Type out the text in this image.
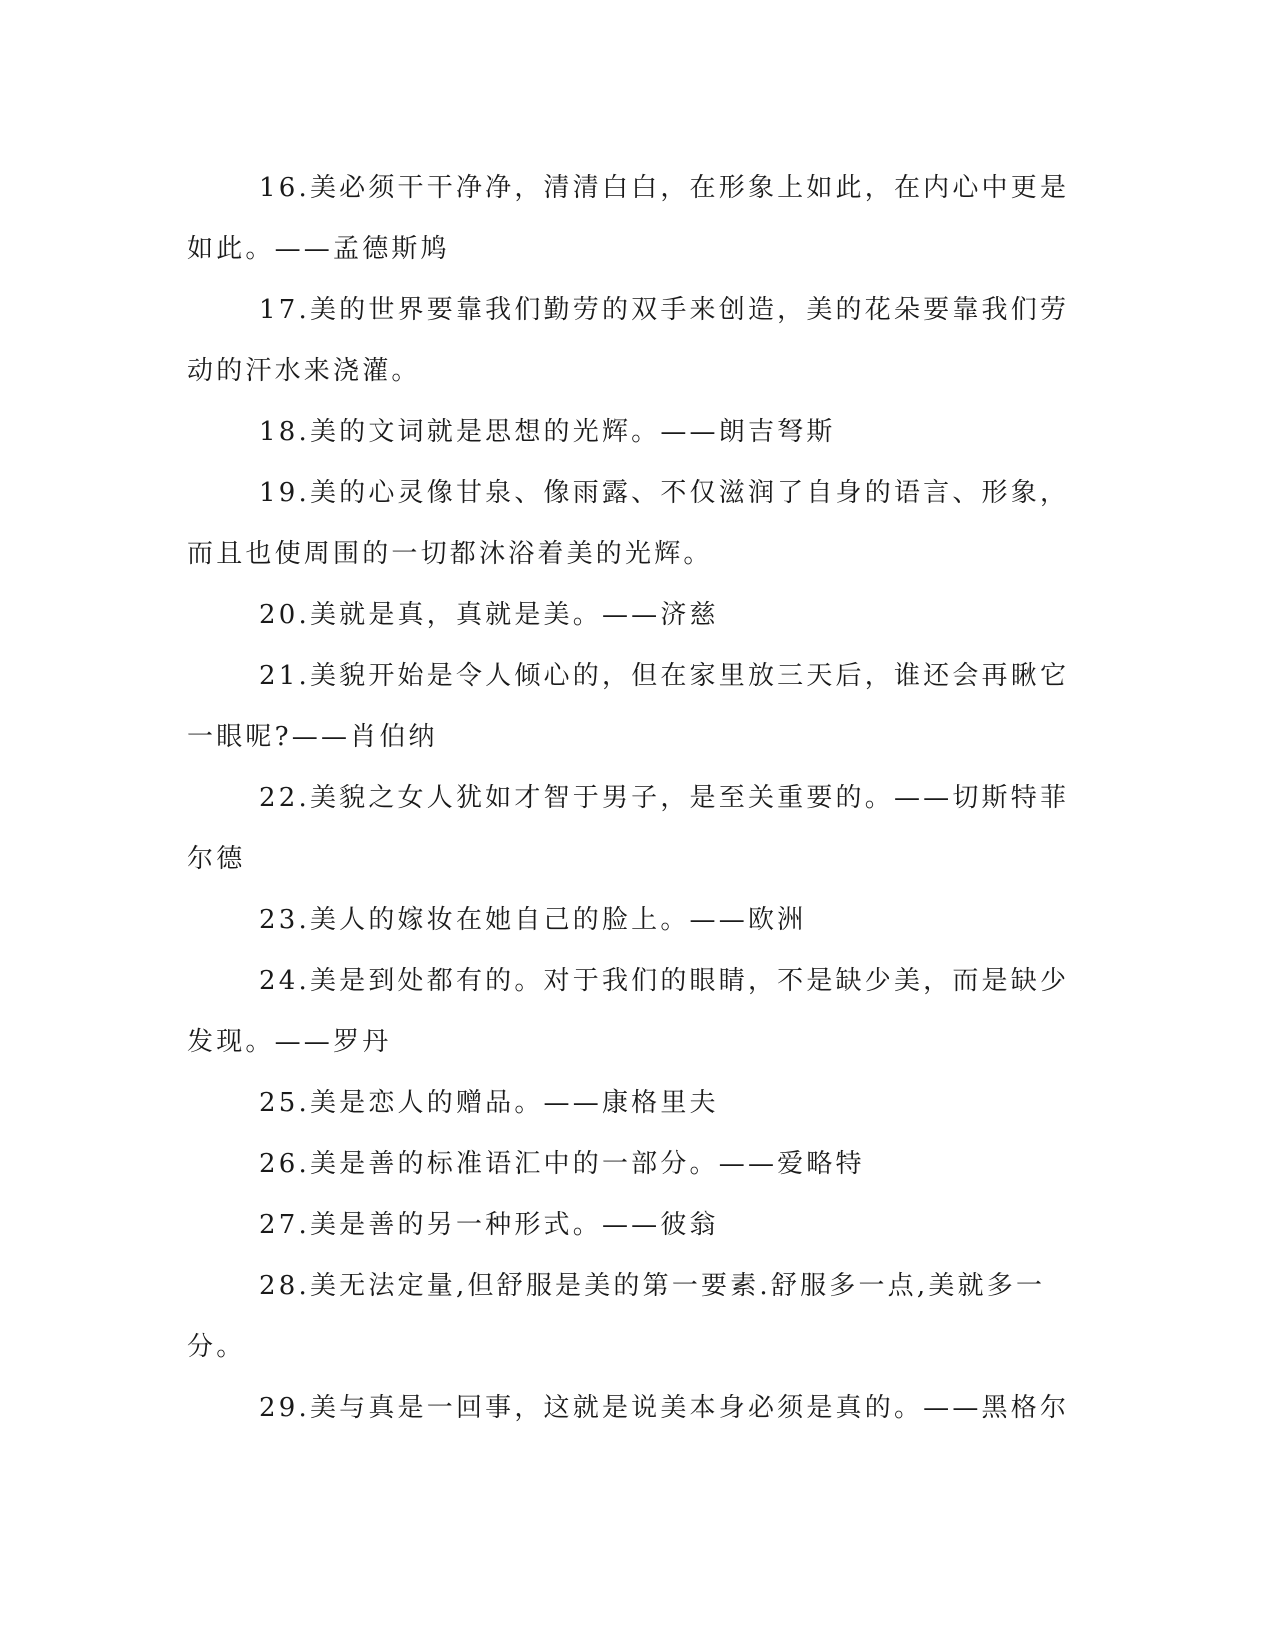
16.美必须干干净净，清清白白，在形象上如此，在内心中更是如此。——孟德斯鸠

17.美的世界要靠我们勤劳的双手来创造，美的花朵要靠我们劳动的汗水来浇灌。

18.美的文词就是思想的光辉。——朗吉弩斯

19.美的心灵像甘泉、像雨露、不仅滋润了自身的语言、形象，而且也使周围的一切都沐浴着美的光辉。

20.美就是真，真就是美。——济慈

21.美貌开始是令人倾心的，但在家里放三天后，谁还会再瞅它一眼呢?——肖伯纳

22.美貌之女人犹如才智于男子，是至关重要的。——切斯特菲尔德

23.美人的嫁妆在她自己的脸上。——欧洲

24.美是到处都有的。对于我们的眼睛，不是缺少美，而是缺少发现。——罗丹

25.美是恋人的赠品。——康格里夫

26.美是善的标准语汇中的一部分。——爱略特

27.美是善的另一种形式。——彼翁

28.美无法定量,但舒服是美的第一要素.舒服多一点,美就多一分。

29.美与真是一回事，这就是说美本身必须是真的。——黑格尔
